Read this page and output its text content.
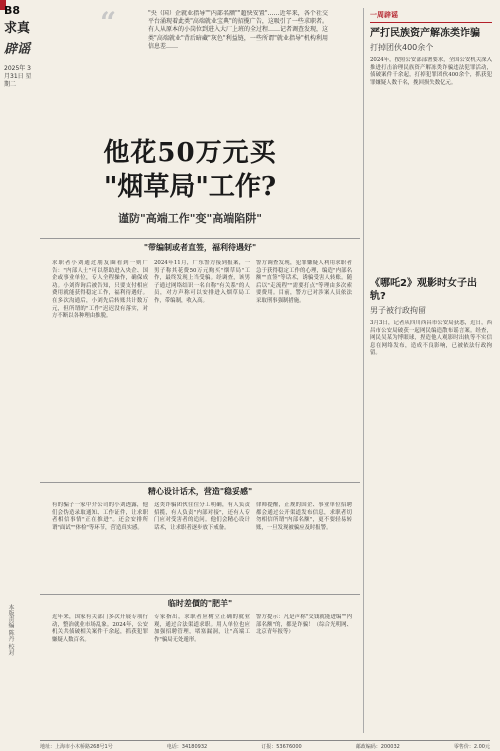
B8
求真
辟谣
2025年 3月31日 星期二
本版责编 陈丹 校对
“	"央（国）企就业指导""内部名额""超快安置"……近年来，各个社交平台涌现着此类"高端就业宝典"的招揽广告，这吸引了一些求职者。有人从原本的小岗位到进入大厂上班的全过程……记者调查发现，这类"高端就业"背后暗藏"灰色"利益链，一些所谓"就业指导"机构利用信息差……
他花50万元买
"烟草局"工作?
谨防"高端工作"变"高端陷阱"
"带编制或者直签，福利待遇好"
求职者小刘通过朋友圈看到一则广告："内部人士"可以帮助进入央企、国企或事业单位，专人全程操作，确保成功。小刘咨询后被告知，只要支付相应费用就能获得稳定工作，福利待遇好。在多次沟通后，小刘先后转账共计数万元，但所谓的"工作"迟迟没有落实，对方不断以各种理由推脱。
2024年11月，广东警方接到报案，一男子称其花费50万元购买"烟草局"工作，最终发现上当受骗。经调查，该男子通过网络结识一名自称"有关系"的人员，对方声称可以安排进入烟草局工作，带编制，收入高。
警方调查发现，犯罪嫌疑人利用求职者急于获得稳定工作的心理，编造"内部名额""直签"等话术，诱骗受害人转账。随后以"走流程""需要打点"等理由多次索要费用。目前，警方已对涉案人员依法采取刑事强制措施。
精心设计话术，营造"稳妥感"
有的骗子一家中介公司的小刘透露，他们会伪造录取通知、工作证件，让求职者相信事情"正在推进"。还会安排所谓"面试""体检"等环节，营造真实感。
这类诈骗团伙往往分工明确，有人负责招揽，有人负责"内部对接"，还有人专门应对受害者的追问。他们会精心设计话术，让求职者逐步放下戒备。
律师提醒，正规的国企、事业单位招聘都会通过公开渠道发布信息，求职者切勿相信所谓"内部名额"，更不要轻易转账，一旦发现被骗应及时报警。
临时差價的"肥羊"
近年来，国家有关部门多次开展专项行动，整治就业市场乱象。2024年，公安机关共侦破相关案件千余起，抓获犯罪嫌疑人数百名。
专家指出，求职者应树立正确的就业观，通过合法渠道求职。用人单位也应加强招聘管理，堵塞漏洞，让"高端工作"骗局无处遁形。
警方提示：凡是声称"交钱就能进编""内部名额"的，都是诈骗！（综合光明网、北京青年报等）
一周辟谣
严打民族资产解冻类诈骗
打掉团伙400余个
2024年，按照公安部部署要求，全国公安机关深入推进打击治理民族资产解冻类诈骗违法犯罪活动，侦破案件千余起，打掉犯罪团伙400余个，抓获犯罪嫌疑人数千名，挽回损失数亿元。
《哪吒2》观影时女子出轨?
男子被行政拘留
3月3日，记者从四川西昌市公安局获悉，近日，西昌市公安局破获一起网民编造散布谣言案。经查，网民吴某为博眼球，捏造他人观影时出轨等不实信息在网络发布，造成不良影响，已被依法行政拘留。
地址：上海市小木桥路268号1号	电话：34180932	订报：53676000	邮政编码：200032	零售价：2.00元
